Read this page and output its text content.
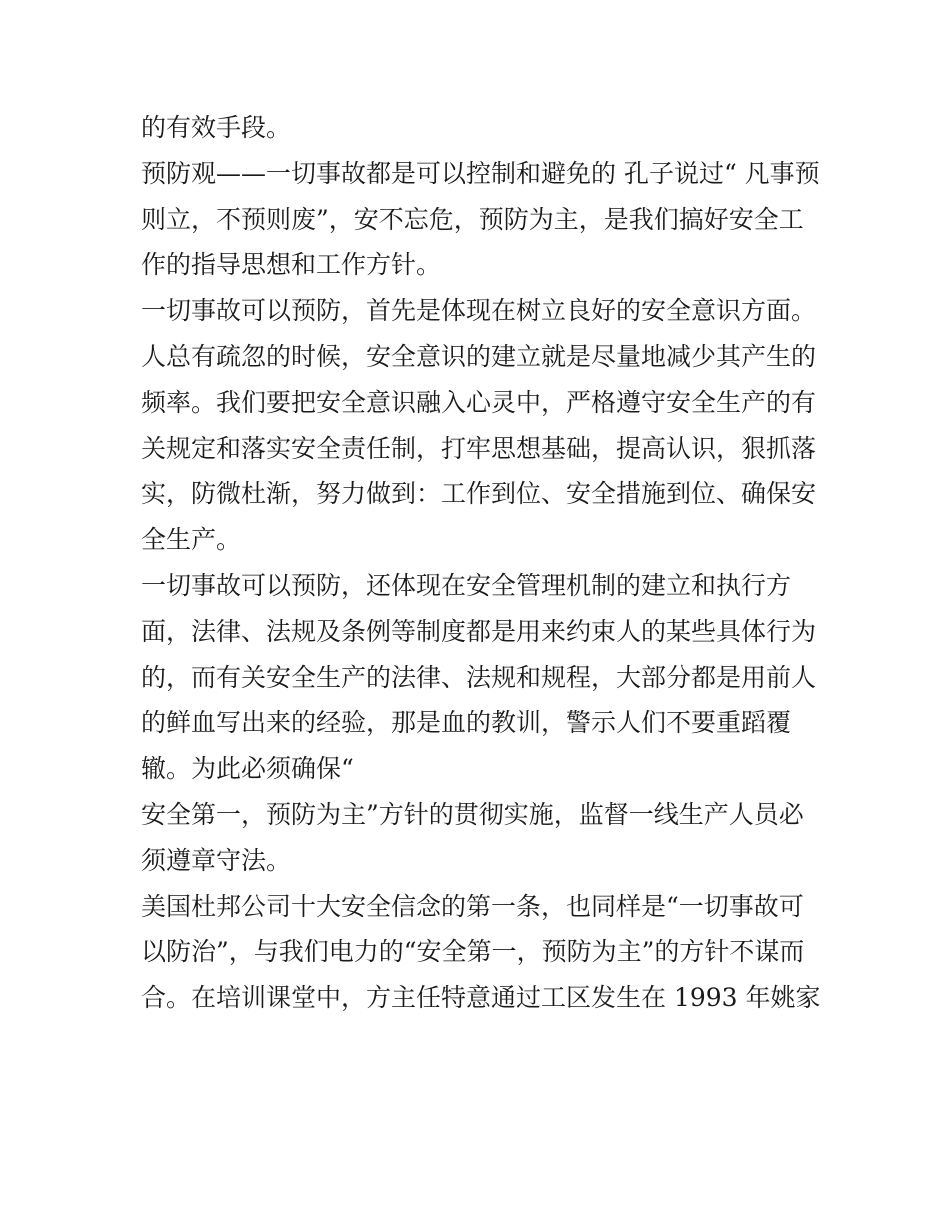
的有效手段。
预防观——一切事故都是可以控制和避免的 孔子说过“ 凡事预
则立，不预则废”，安不忘危，预防为主，是我们搞好安全工
作的指导思想和工作方针。
一切事故可以预防，首先是体现在树立良好的安全意识方面。
人总有疏忽的时候，安全意识的建立就是尽量地减少其产生的
频率。我们要把安全意识融入心灵中，严格遵守安全生产的有
关规定和落实安全责任制，打牢思想基础，提高认识，狠抓落
实，防微杜渐，努力做到：工作到位、安全措施到位、确保安
全生产。
一切事故可以预防，还体现在安全管理机制的建立和执行方
面，法律、法规及条例等制度都是用来约束人的某些具体行为
的，而有关安全生产的法律、法规和规程，大部分都是用前人
的鲜血写出来的经验，那是血的教训，警示人们不要重蹈覆
辙。为此必须确保“
安全第一，预防为主”方针的贯彻实施，监督一线生产人员必
须遵章守法。
美国杜邦公司十大安全信念的第一条，也同样是“一切事故可
以防治”，与我们电力的“安全第一，预防为主”的方针不谋而
合。在培训课堂中，方主任特意通过工区发生在 1993 年姚家
